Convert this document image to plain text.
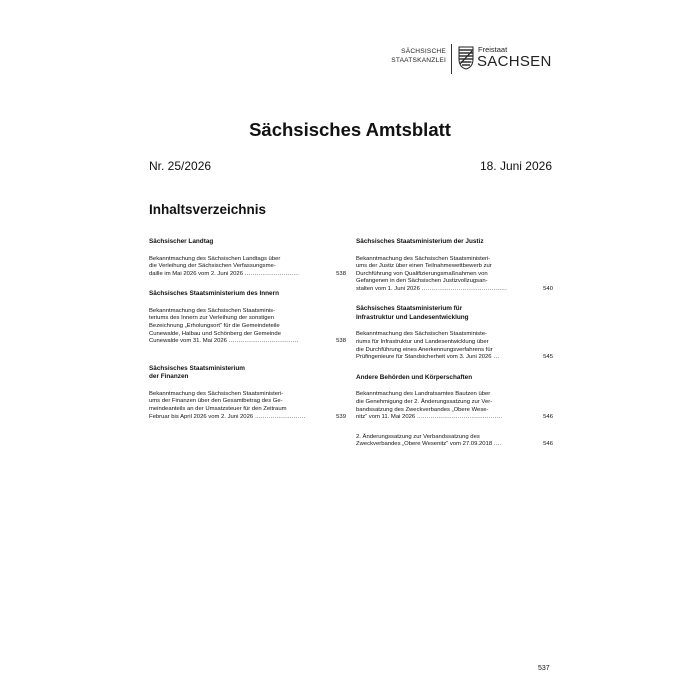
SÄCHSISCHE
STAATSKANZLEI
Freistaat
SACHSEN
Sächsisches Amtsblatt
Nr. 25/2026	18. Juni 2026
Inhaltsverzeichnis

Sächsischer Landtag

Bekanntmachung des Sächsischen Landtags über
die Verleihung der Sächsischen Verfassungsme-

daille im Mai 2026 vom 2. Juni 2026 ............................	538

Sächsisches Staatsministerium des Innern

Bekanntmachung des Sächsischen Staatsminis-
teriums des Innern zur Verleihung der sonstigen
Bezeichnung „Erholungsort“ für die Gemeindeteile
Cunewalde, Halbau und Schönberg der Gemeinde

Cunewalde vom 31. Mai 2026 ....................................	538

Sächsisches Staatsministerium
der Finanzen

Bekanntmachung des Sächsischen Staatsministeri-
ums der Finanzen über den Gesamtbetrag des Ge-
meindeanteils an der Umsatzsteuer für den Zeitraum

Februar bis April 2026 vom 2. Juni 2026 ..........................	539

Sächsisches Staatsministerium der Justiz

Bekanntmachung des Sächsischen Staatsministeri-
ums der Justiz über einen Teilnahmewettbewerb zur
Durchführung von Qualifizierungsmaßnahmen von
Gefangenen in den Sächsischen Justizvollzugsan-

stalten vom 1. Juni 2026 ............................................	540

Sächsisches Staatsministerium für
Infrastruktur und Landesentwicklung

Bekanntmachung des Sächsischen Staatsministe-
riums für Infrastruktur und Landesentwicklung über
die Durchführung eines Anerkennungsverfahrens für

Prüfingenieure für Standsicherheit vom 3. Juni 2026 ...	545

Andere Behörden und Körperschaften

Bekanntmachung des Landratsamtes Bautzen über
die Genehmigung der 2. Änderungssatzung zur Ver-
bandssatzung des Zweckverbandes „Obere Wese-

nitz“ vom 11. Mai 2026 ............................................	546

2. Änderungssatzung zur Verbandssatzung des

Zweckverbandes „Obere Wesenitz“ vom 27.09.2018 ....	546

537
